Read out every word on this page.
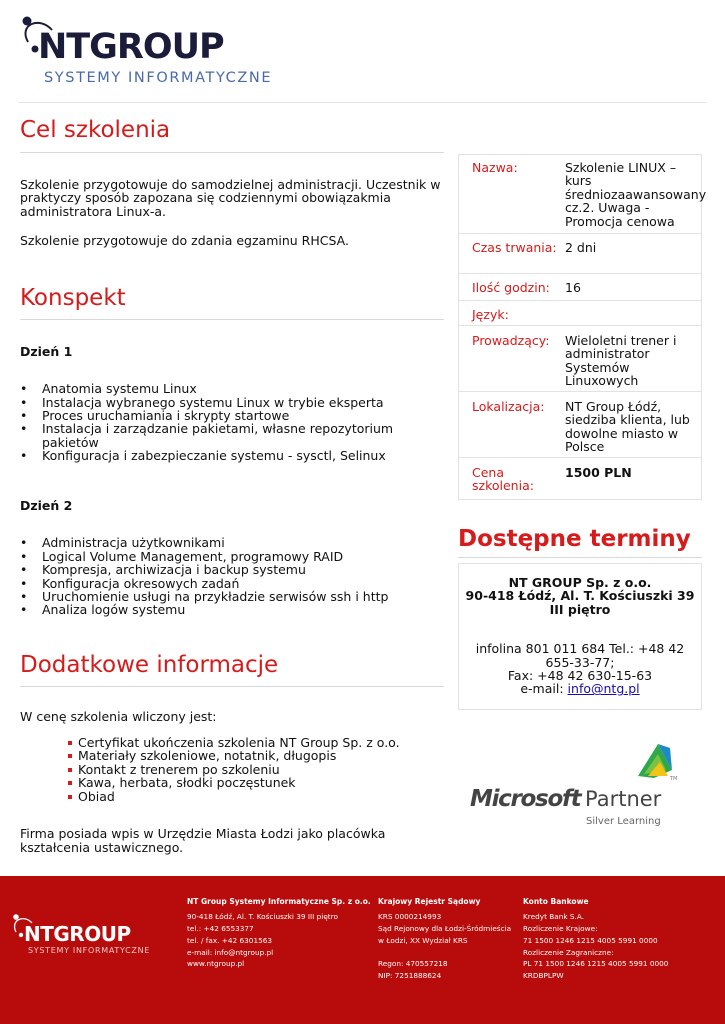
NTGROUP
SYSTEMY INFORMATYCZNE
Cel szkolenia

Szkolenie przygotowuje do samodzielnej administracji. Uczestnik w praktyczy sposób zapozana się codziennymi obowiązakmia administratora Linux-a.

Szkolenie przygotowuje do zdania egzaminu RHCSA.

Konspekt

Dzień 1

• Anatomia systemu Linux
• Instalacja wybranego systemu Linux w trybie eksperta
• Proces uruchamiania i skrypty startowe
• Instalacja i zarządzanie pakietami, własne repozytorium pakietów
• Konfiguracja i zabezpieczanie systemu - sysctl, Selinux

Dzień 2

• Administracja użytkownikami
• Logical Volume Management, programowy RAID
• Kompresja, archiwizacja i backup systemu
• Konfiguracja okresowych zadań
• Uruchomienie usługi na przykładzie serwisów ssh i http
• Analiza logów systemu
Dodatkowe informacje

W cenę szkolenia wliczony jest:

Certyfikat ukończenia szkolenia NT Group Sp. z o.o.
Materiały szkoleniowe, notatnik, długopis
Kontakt z trenerem po szkoleniu
Kawa, herbata, słodki poczęstunek
Obiad

Firma posiada wpis w Urzędzie Miasta Łodzi jako placówka kształcenia ustawicznego.

Nazwa:	Szkolenie LINUX – kurs średniozaawansowany cz.2. Uwaga - Promocja cenowa
Czas trwania: 2 dni
Ilość godzin:	16
Język:
Prowadzący:	Wieloletni trener i administrator Systemów Linuxowych
Lokalizacja:	NT Group Łódź, siedziba klienta, lub dowolne miasto w Polsce
Cena szkolenia:
1500 PLN
Dostępne terminy
NT GROUP Sp. z o.o.
90-418 Łódź, Al. T. Kościuszki 39
III piętro
infolina 801 011 684 Tel.: +48 42 655-33-77;
Fax: +48 42 630-15-63
e-mail: info@ntg.pl
TM
Microsoft Partner
Silver Learning
NTGROUP
SYSTEMY INFORMATYCZNE
NT Group Systemy Informatyczne Sp. z o.o.
90-418 Łódź, Al. T. Kościuszki 39 III piętro
tel.: +42 6553377
tel. / fax. +42 6301563
e-mail: info@ntgroup.pl
www.ntgroup.pl
Krajowy Rejestr Sądowy
KRS 0000214993
Sąd Rejonowy dla Łodzi-Śródmieścia
w Łodzi, XX Wydział KRS
Regon: 470557218
NIP: 7251888624
Konto Bankowe
Kredyt Bank S.A.
Rozliczenie Krajowe:
71 1500 1246 1215 4005 5991 0000
Rozliczenie Zagraniczne:
PL 71 1500 1246 1215 4005 5991 0000
KRDBPLPW
